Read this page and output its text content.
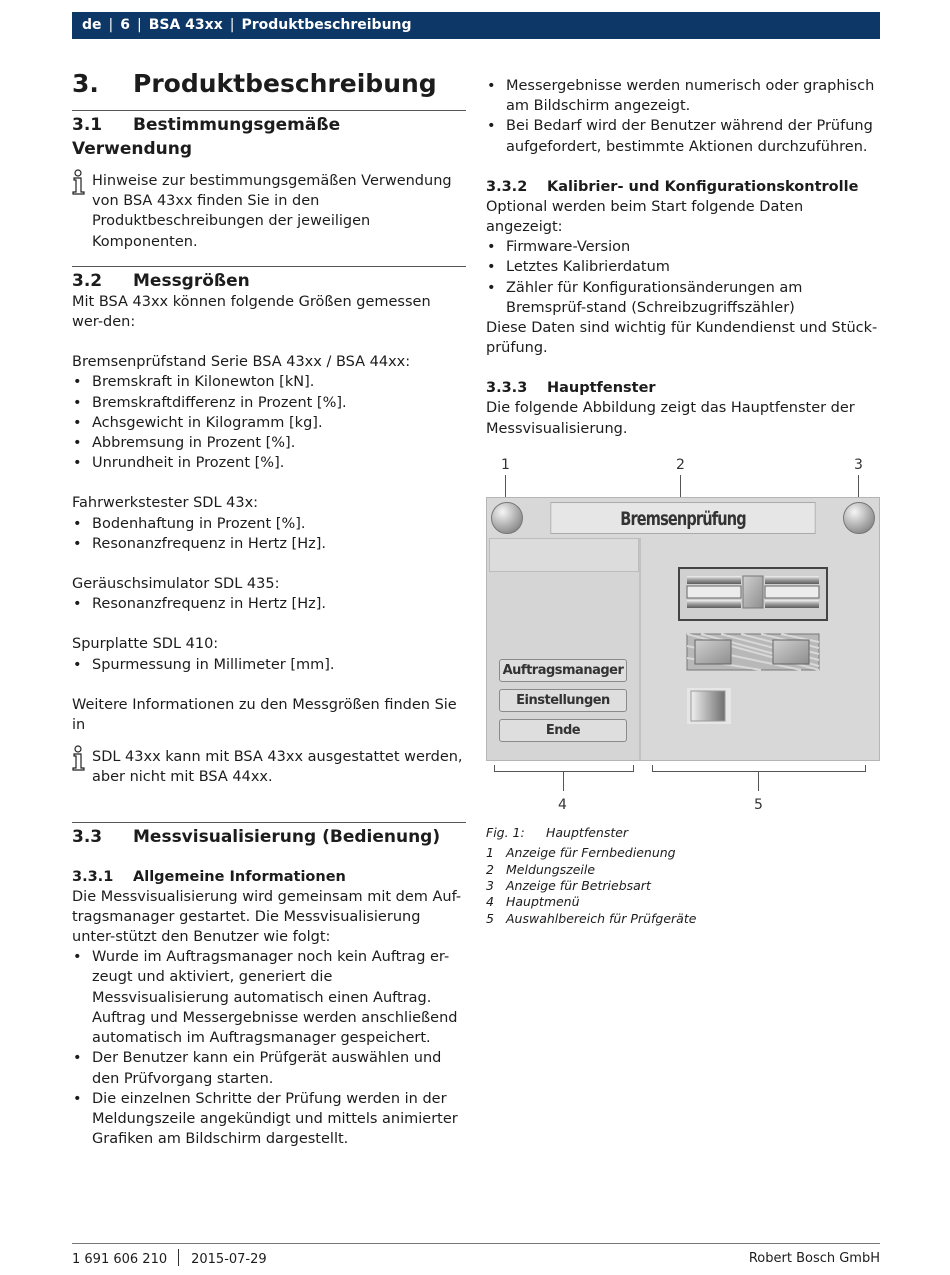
de | 6 | BSA 43xx | Produktbeschreibung
3. Produktbeschreibung
3.1 Bestimmungsgemäße Verwendung

Hinweise zur bestimmungsgemäßen Verwendung von BSA 43xx finden Sie in den Produktbeschreibungen der jeweiligen Komponenten.

3.2 Messgrößen

Mit BSA 43xx können folgende Größen gemessen wer-den:

Bremsenprüfstand Serie BSA 43xx / BSA 44xx:

• Bremskraft in Kilonewton [kN].
• Bremskraftdifferenz in Prozent [%].
• Achsgewicht in Kilogramm [kg].
• Abbremsung in Prozent [%].
• Unrundheit in Prozent [%].

Fahrwerkstester SDL 43x:

• Bodenhaftung in Prozent [%].
• Resonanzfrequenz in Hertz [Hz].

Geräuschsimulator SDL 435:

• Resonanzfrequenz in Hertz [Hz].

Spurplatte SDL 410:

• Spurmessung in Millimeter [mm].

Weitere Informationen zu den Messgrößen finden Sie in

SDL 43xx kann mit BSA 43xx ausgestattet werden, aber nicht mit BSA 44xx.

3.3 Messvisualisierung (Bedienung)
3.3.1 Allgemeine Informationen

Die Messvisualisierung wird gemeinsam mit dem Auf-tragsmanager gestartet. Die Messvisualisierung unter-stützt den Benutzer wie folgt:

• Wurde im Auftragsmanager noch kein Auftrag er-zeugt und aktiviert, generiert die Messvisualisierung automatisch einen Auftrag.
Auftrag und Messergebnisse werden anschließend automatisch im Auftragsmanager gespeichert.
• Der Benutzer kann ein Prüfgerät auswählen und den Prüfvorgang starten.
• Die einzelnen Schritte der Prüfung werden in der Meldungszeile angekündigt und mittels animierter Grafiken am Bildschirm dargestellt.
• Messergebnisse werden numerisch oder graphisch am Bildschirm angezeigt.
• Bei Bedarf wird der Benutzer während der Prüfung aufgefordert, bestimmte Aktionen durchzuführen.
3.3.2 Kalibrier- und Konfigurationskontrolle

Optional werden beim Start folgende Daten angezeigt:

• Firmware-Version
• Letztes Kalibrierdatum
• Zähler für Konfigurationsänderungen am Bremsprüf-stand (Schreibzugriffszähler)

Diese Daten sind wichtig für Kundendienst und Stück-prüfung.

3.3.3 Hauptfenster

Die folgende Abbildung zeigt das Hauptfenster der Messvisualisierung.

1	2	3
Bremsenprüfung
Auftragsmanager
Einstellungen
Ende
4	5
Fig. 1: Hauptfenster
1 Anzeige für Fernbedienung
2 Meldungszeile
3 Anzeige für Betriebsart
4 Hauptmenü
5 Auswahlbereich für Prüfgeräte
1 691 606 210 2015-07-29	Robert Bosch GmbH
